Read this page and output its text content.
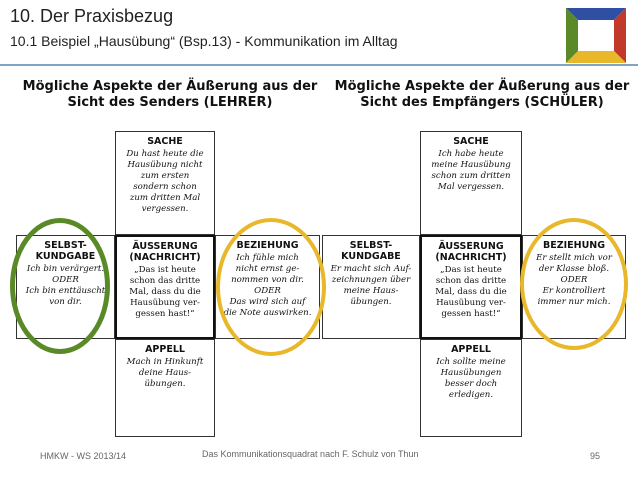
10. Der Praxisbezug
10.1 Beispiel „Hausübung“ (Bsp.13) - Kommunikation im Alltag
Mögliche Aspekte der Äußerung aus der
Sicht des Senders (LEHRER)
SACHE
Du hast heute die
Hausübung nicht
zum ersten
sondern schon
zum dritten Mal
vergessen.
SELBST-
KUNDGABE
Ich bin verärgert.
ODER
Ich bin enttäuscht
von dir.
ÄUSSERUNG
(NACHRICHT)
„Das ist heute
schon das dritte
Mal, dass du die
Hausübung ver-
gessen hast!“
BEZIEHUNG
Ich fühle mich
nicht ernst ge-
nommen von dir.
ODER
Das wird sich auf
die Note auswirken.
APPELL
Mach in Hinkunft
deine Haus-
übungen.
Mögliche Aspekte der Äußerung aus der
Sicht des Empfängers (SCHÜLER)
SACHE
Ich habe heute
meine Hausübung
schon zum dritten
Mal vergessen.
SELBST-
KUNDGABE
Er macht sich Auf-
zeichnungen über
meine Haus-
übungen.
ÄUSSERUNG
(NACHRICHT)
„Das ist heute
schon das dritte
Mal, dass du die
Hausübung ver-
gessen hast!“
BEZIEHUNG
Er stellt mich vor
der Klasse bloß.
ODER
Er kontrolliert
immer nur mich.
APPELL
Ich sollte meine
Hausübungen
besser doch
erledigen.
HMKW - WS 2013/14	Das Kommunikationsquadrat nach F. Schulz von Thun	95
